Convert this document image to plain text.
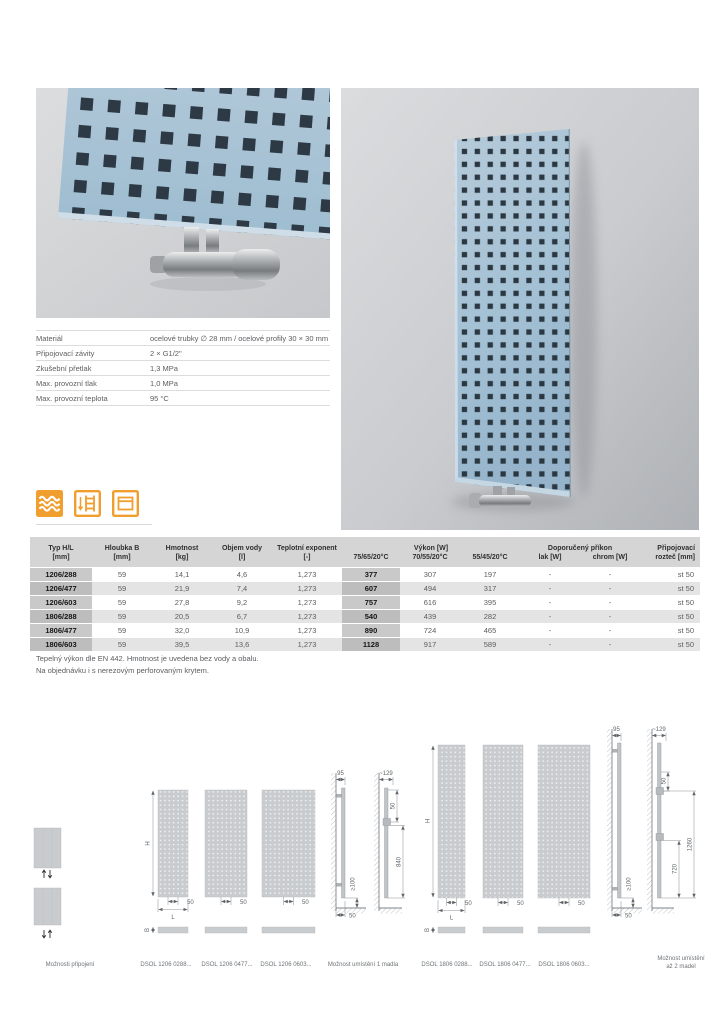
Materiál	ocelové trubky ∅ 28 mm / ocelové profily 30 × 30 mm
Připojovací závity	2 × G1/2"
Zkušební přetlak	1,3 MPa
Max. provozní tlak	1,0 MPa
Max. provozní teplota	95 °C
Typ H/L	Hloubka B	Hmotnost	Objem vody	Teplotní exponent	Výkon [W]			Doporučený příkon		Připojovací
[mm]	[mm]	[kg]	[l]	[-]	75/65/20°C	70/55/20°C	55/45/20°C	lak [W]	chrom [W]	rozteč [mm]
1206/288	59	14,1	4,6	1,273	377	307	197	-	-	st 50
1206/477	59	21,9	7,4	1,273	607	494	317	-	-	st 50
1206/603	59	27,8	9,2	1,273	757	616	395	-	-	st 50
1806/288	59	20,5	6,7	1,273	540	439	282	-	-	st 50
1806/477	59	32,0	10,9	1,273	890	724	465	-	-	st 50
1806/603	59	39,5	13,6	1,273	1128	917	589	-	-	st 50
Tepelný výkon dle EN 442. Hmotnost je uvedena bez vody a obalu.
Na objednávku i s nerezovým perforovaným krytem.
H
50	50	50
L
B
95
≥100
50
~129
50
840
H
50	50	50
L
B
95
≥100
50
~129
50
720
1260
Možnosti připojení	DSOL 1206 0288... DSOL 1206 0477... DSOL 1206 0603...	Možnost umístění 1 madla	DSOL 1806 0288... DSOL 1806 0477... DSOL 1806 0603...
Možnost umístění
až 2 madel
